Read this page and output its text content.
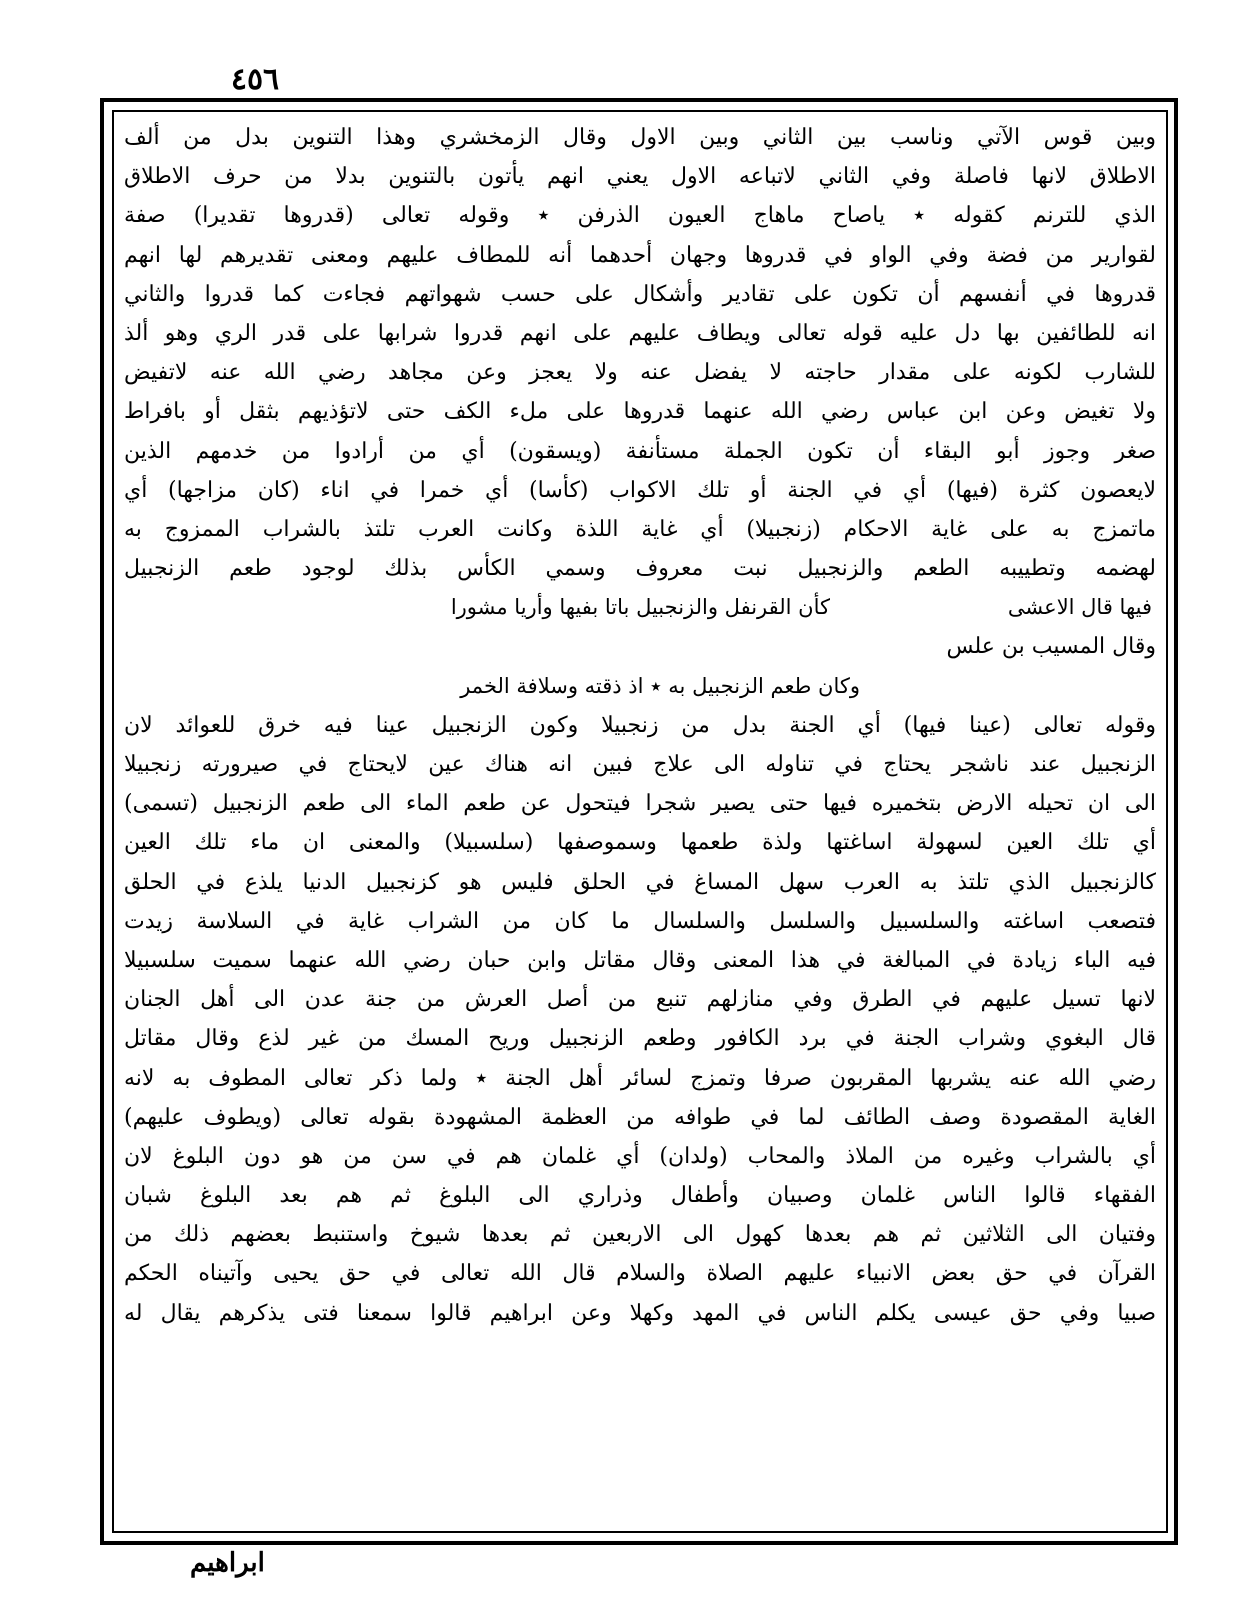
٤٥٦
وبين قوس الآتي وناسب بين الثاني وبين الاول وقال الزمخشري وهذا التنوين بدل من ألف
الاطلاق لانها فاصلة وفي الثاني لاتباعه الاول يعني انهم يأتون بالتنوين بدلا من حرف الاطلاق
الذي للترنم كقوله ٭ ياصاح ماهاج العيون الذرفن ٭ وقوله تعالى (قدروها تقديرا) صفة
لقوارير من فضة وفي الواو في قدروها وجهان أحدهما أنه للمطاف عليهم ومعنى تقديرهم لها انهم
قدروها في أنفسهم أن تكون على تقادير وأشكال على حسب شهواتهم فجاءت كما قدروا والثاني
انه للطائفين بها دل عليه قوله تعالى ويطاف عليهم على انهم قدروا شرابها على قدر الري وهو ألذ
للشارب لكونه على مقدار حاجته لا يفضل عنه ولا يعجز وعن مجاهد رضي الله عنه لاتفيض
ولا تغيض وعن ابن عباس رضي الله عنهما قدروها على ملء الكف حتى لاتؤذيهم بثقل أو بافراط
صغر وجوز أبو البقاء أن تكون الجملة مستأنفة (ويسقون) أي من أرادوا من خدمهم الذين
لايعصون كثرة (فيها) أي في الجنة أو تلك الاكواب (كأسا) أي خمرا في اناء (كان مزاجها) أي
ماتمزج به على غاية الاحكام (زنجبيلا) أي غاية اللذة وكانت العرب تلتذ بالشراب الممزوج به
لهضمه وتطييبه الطعم والزنجبيل نبت معروف وسمي الكأس بذلك لوجود طعم الزنجبيل
فيها قال الاعشى
كأن القرنفل والزنجبيل باتا بفيها وأريا مشورا
وقال المسيب بن علس
وكان طعم الزنجبيل به ٭ اذ ذقته وسلافة الخمر
وقوله تعالى (عينا فيها) أي الجنة بدل من زنجبيلا وكون الزنجبيل عينا فيه خرق للعوائد لان
الزنجبيل عند ناشجر يحتاج في تناوله الى علاج فبين انه هناك عين لايحتاج في صيرورته زنجبيلا
الى ان تحيله الارض بتخميره فيها حتى يصير شجرا فيتحول عن طعم الماء الى طعم الزنجبيل (تسمى)
أي تلك العين لسهولة اساغتها ولذة طعمها وسموصفها (سلسبيلا) والمعنى ان ماء تلك العين
كالزنجبيل الذي تلتذ به العرب سهل المساغ في الحلق فليس هو كزنجبيل الدنيا يلذع في الحلق
فتصعب اساغته والسلسبيل والسلسل والسلسال ما كان من الشراب غاية في السلاسة زيدت
فيه الباء زيادة في المبالغة في هذا المعنى وقال مقاتل وابن حبان رضي الله عنهما سميت سلسبيلا
لانها تسيل عليهم في الطرق وفي منازلهم تنبع من أصل العرش من جنة عدن الى أهل الجنان
قال البغوي وشراب الجنة في برد الكافور وطعم الزنجبيل وريح المسك من غير لذع وقال مقاتل
رضي الله عنه يشربها المقربون صرفا وتمزج لسائر أهل الجنة ٭ ولما ذكر تعالى المطوف به لانه
الغاية المقصودة وصف الطائف لما في طوافه من العظمة المشهودة بقوله تعالى (ويطوف عليهم)
أي بالشراب وغيره من الملاذ والمحاب (ولدان) أي غلمان هم في سن من هو دون البلوغ لان
الفقهاء قالوا الناس غلمان وصبيان وأطفال وذراري الى البلوغ ثم هم بعد البلوغ شبان
وفتيان الى الثلاثين ثم هم بعدها كهول الى الاربعين ثم بعدها شيوخ واستنبط بعضهم ذلك من
القرآن في حق بعض الانبياء عليهم الصلاة والسلام قال الله تعالى في حق يحيى وآتيناه الحكم
صبيا وفي حق عيسى يكلم الناس في المهد وكهلا وعن ابراهيم قالوا سمعنا فتى يذكرهم يقال له
ابراهيم
